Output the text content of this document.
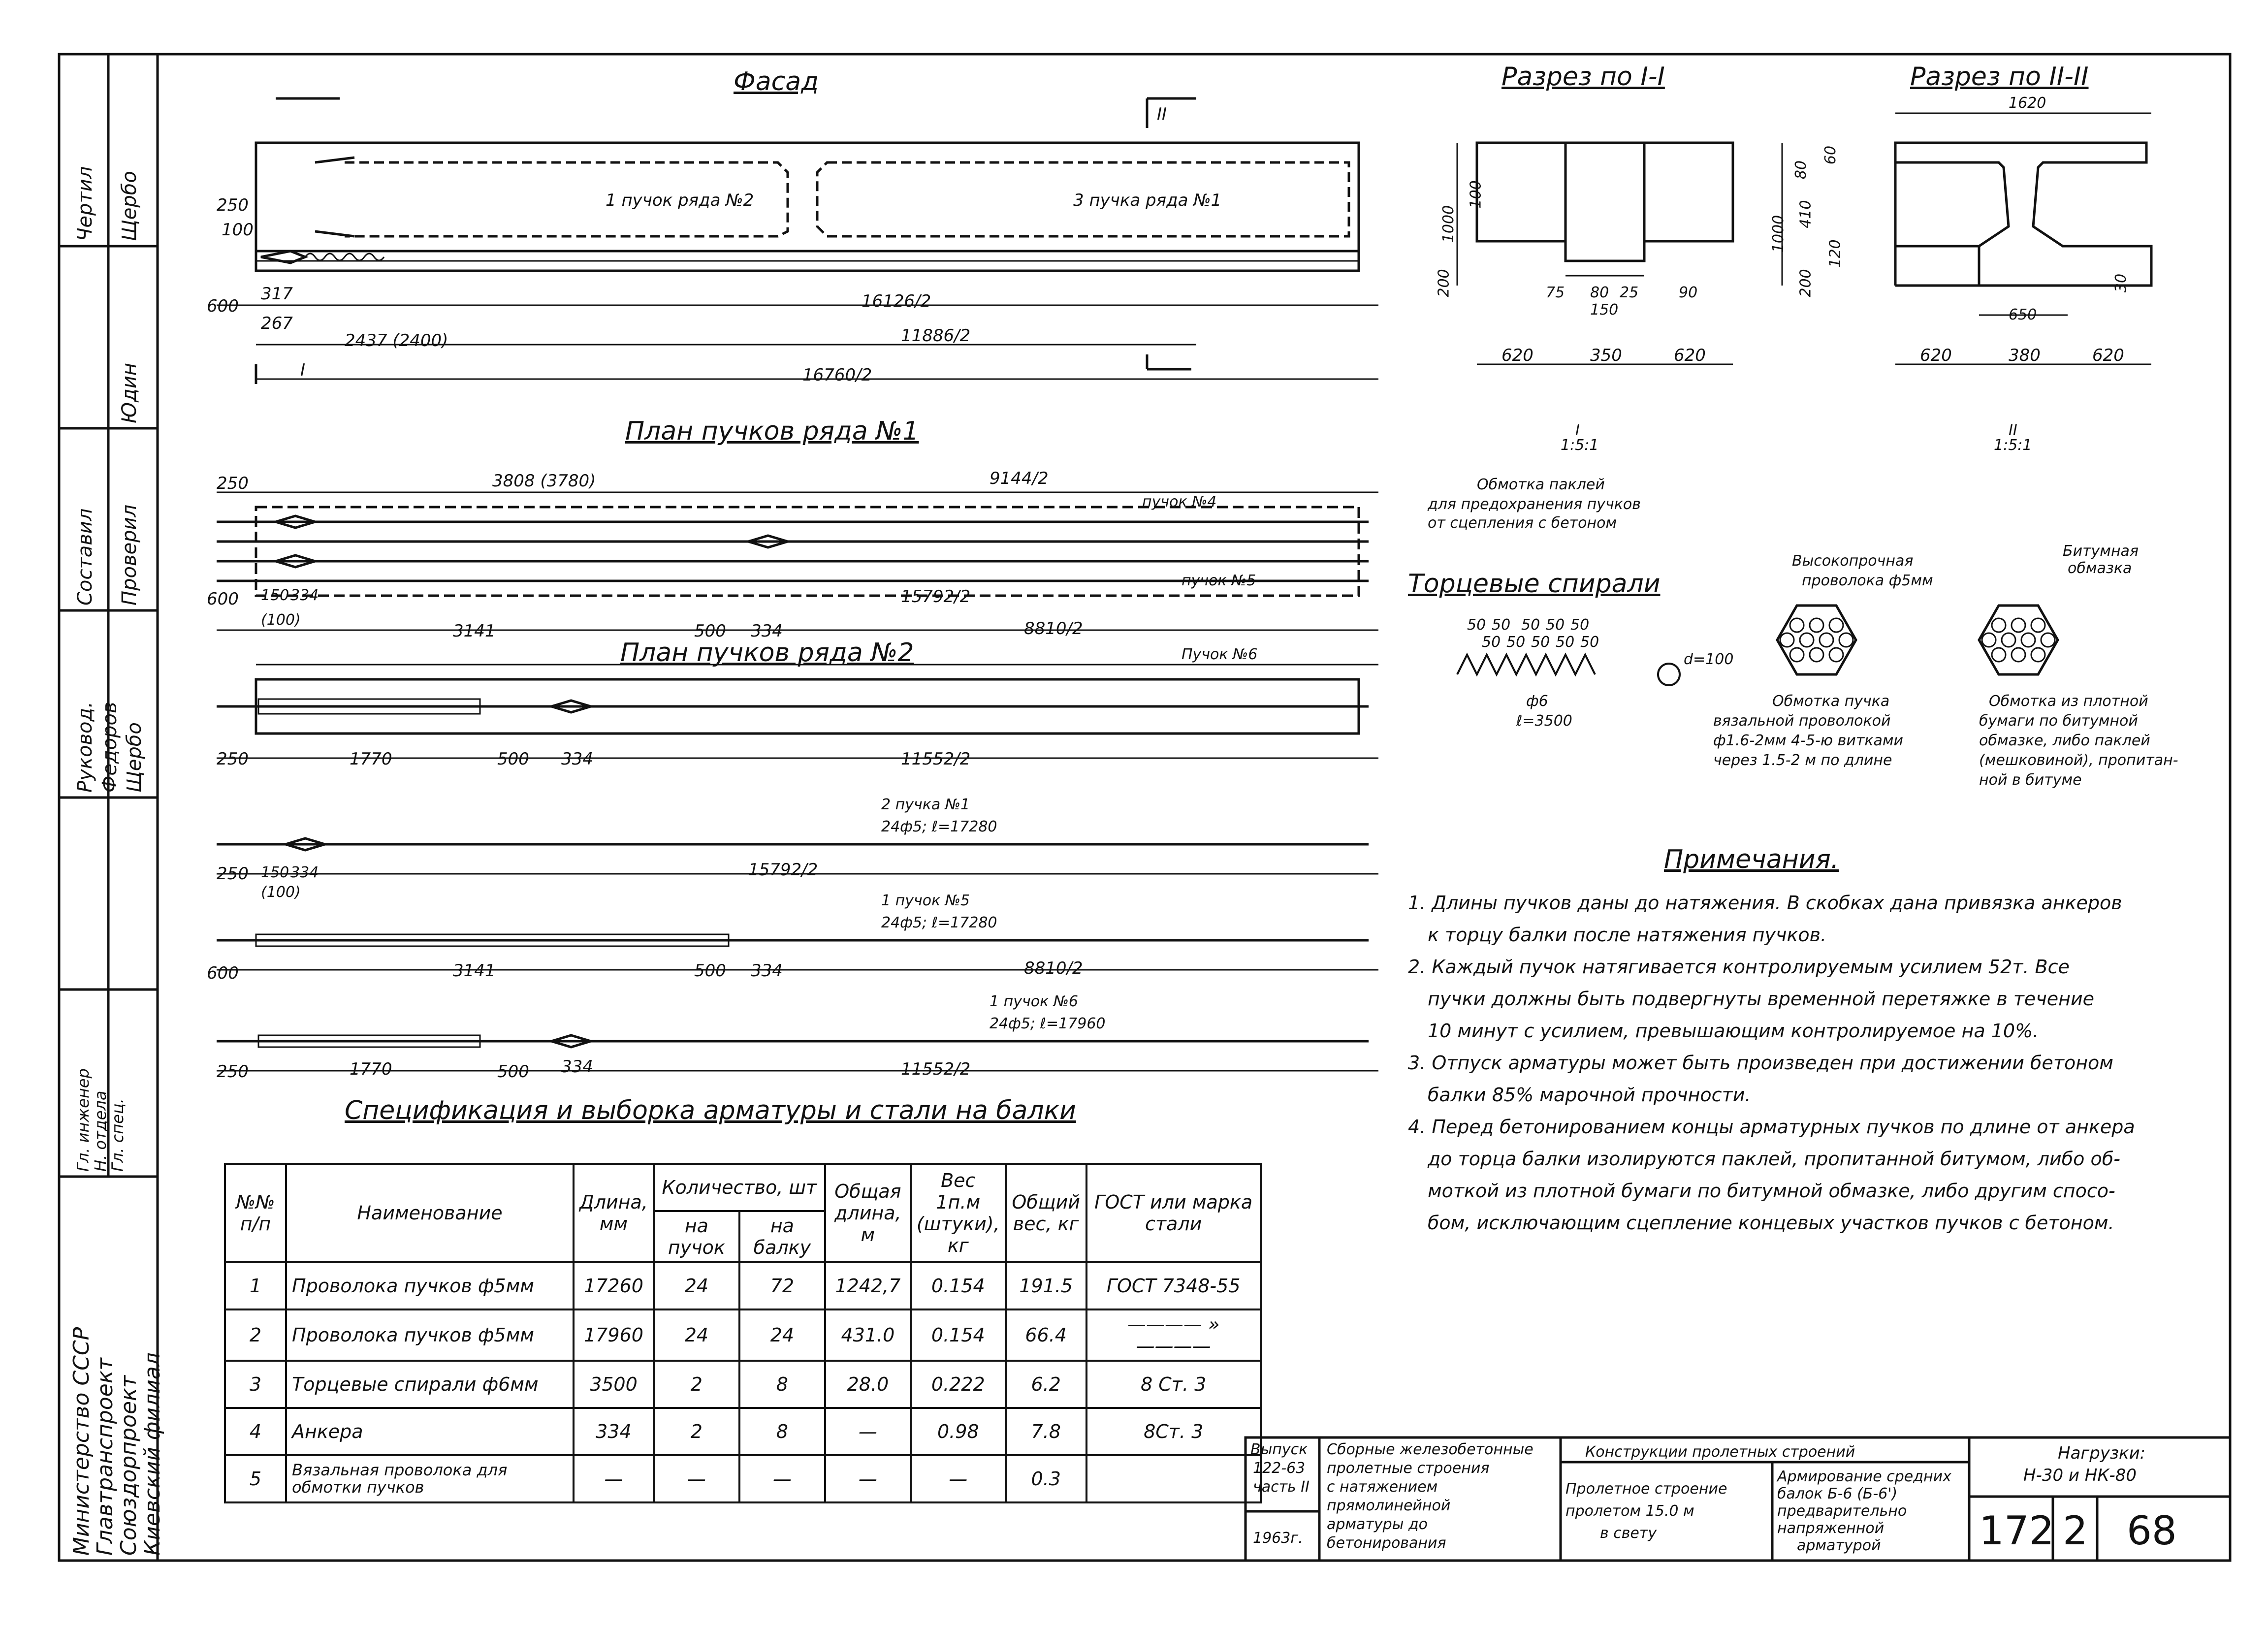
Фасад	Разрез по I-I	Разрез по II-II
План пучков ряда №1
План пучков ряда №2
Торцевые спирали
Спецификация и выборка арматуры и стали на балки
Примечания.
1 пучок ряда №2	3 пучка ряда №1
II
I
250
100
600
317
267
16126/2
2437 (2400)	11886/2
16760/2
1000
100
200
620	350	620
75	25	90
150
80
1620
1000
410
80
60
200
120
30
650
620	380	620
250	3808 (3780)	9144/2
пучок №4
пучок №5
600 150 334
(100)
15792/2
3141	500 334	8810/2
Пучок №6
250	1770	500 334	11552/2
2 пучка №1
24ф5; ℓ=17280
250 150 334
(100)
15792/2
1 пучок №5
24ф5; ℓ=17280
600	3141	500 334	8810/2
1 пучок №6
24ф5; ℓ=17960
250	1770	500 334	11552/2
Обмотка паклей
для предохранения пучков
от сцепления с бетоном
I	II
1:5:1	1:5:1
50 50 50 50 50
50 50 50 50 50
ф6
ℓ=3500
d=100
Высокопрочная
проволока ф5мм
Битумная
обмазка
Обмотка пучка
вязальной проволокой
ф1.6-2мм 4-5-ю витками
через 1.5-2 м по длине
Обмотка из плотной
бумаги по битумной
обмазке, либо паклей
(мешковиной), пропитан-
ной в битуме
1. Длины пучков даны до натяжения. В скобках дана привязка анкеров
к торцу балки после натяжения пучков.
2. Каждый пучок натягивается контролируемым усилием 52т. Все
пучки должны быть подвергнуты временной перетяжке в течение
10 минут с усилием, превышающим контролируемое на 10%.
3. Отпуск арматуры может быть произведен при достижении бетоном
балки 85% марочной прочности.
4. Перед бетонированием концы арматурных пучков по длине от анкера
до торца балки изолируются паклей, пропитанной битумом, либо об-
моткой из плотной бумаги по битумной обмазке, либо другим спосо-
бом, исключающим сцепление концевых участков пучков с бетоном.
№№ п/п	Наименование	Длина, мм	Количество, шт		Общая длина, м	Вес 1п.м (штуки), кг	Общий вес, кг	ГОСТ или марка стали
			на пучок	на балку				
1	Проволока пучков ф5мм	17260	24	72	1242,7	0.154	191.5	ГОСТ 7348-55
2	Проволока пучков ф5мм	17960	24	24	431.0	0.154	66.4	———— » ————
3	Торцевые спирали ф6мм	3500	2	8	28.0	0.222	6.2	8 Ст. 3
4	Анкера	334	2	8	—	0.98	7.8	8Ст. 3
5	Вязальная проволока для обмотки пучков	—	—	—	—	—	0.3	
Выпуск
122-63
часть II
1963г.
Сборные железобетонные
пролетные строения
с натяжением
прямолинейной
арматуры до
бетонирования
Конструкции пролетных строений
Пролетное строение
пролетом 15.0 м
в свету
Армирование средних
балок Б-6 (Б-6')
предварительно
напряженной
арматурой
Нагрузки:
Н-30 и НК-80
172 2 68
Министерство СССР
Главтранспроект
Союздорпроект
Киевский филиал
Гл. инженер
Н. отдела
Гл. спец.
Составил Проверил
Руковод.
Чертил Щербо
Юдин
Федоров Щербо
